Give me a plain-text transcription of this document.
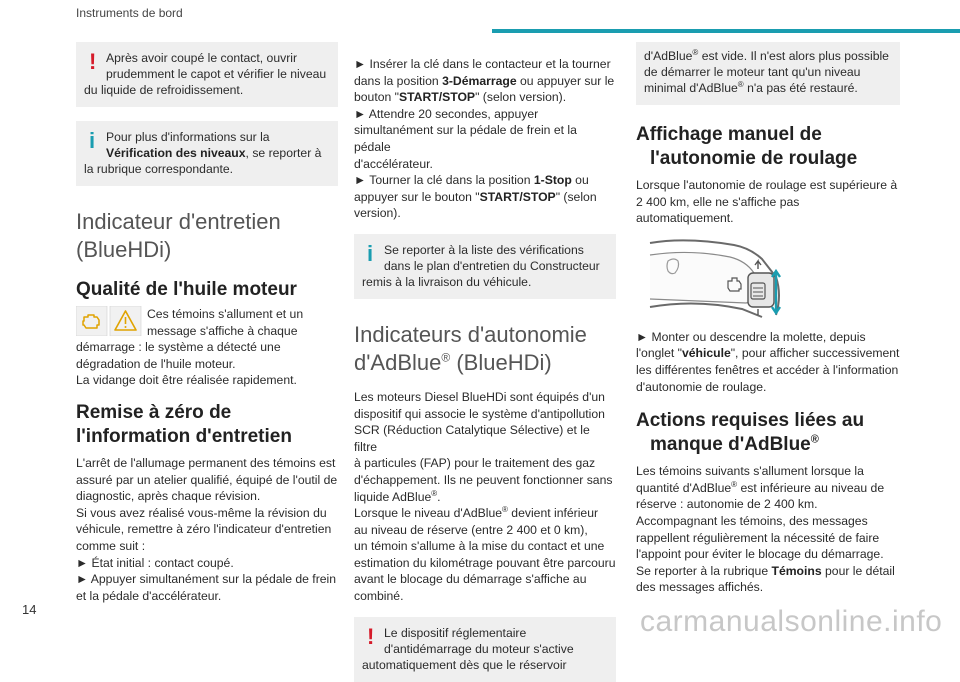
Instruments de bord
! Après avoir coupé le contact, ouvrir
prudemment le capot et vérifier le niveau
du liquide de refroidissement.
i Pour plus d'informations sur la
Vérification des niveaux, se reporter à
la rubrique correspondante.
Indicateur d'entretien
(BlueHDi)
Qualité de l'huile moteur

Ces témoins s'allument et un

message s'affiche à chaque

démarrage : le système a détecté une

dégradation de l'huile moteur.

La vidange doit être réalisée rapidement.

Remise à zéro de
l'information d'entretien

L'arrêt de l'allumage permanent des témoins est

assuré par un atelier qualifié, équipé de l'outil de

diagnostic, après chaque révision.

Si vous avez réalisé vous-même la révision du

véhicule, remettre à zéro l'indicateur d'entretien

comme suit :

► État initial : contact coupé.

► Appuyer simultanément sur la pédale de frein

et la pédale d'accélérateur.

► Insérer la clé dans le contacteur et la tourner

dans la position 3-Démarrage ou appuyer sur le

bouton "START/STOP" (selon version).

► Attendre 20 secondes, appuyer

simultanément sur la pédale de frein et la pédale

d'accélérateur.

► Tourner la clé dans la position 1-Stop ou

appuyer sur le bouton "START/STOP" (selon

version).

i Se reporter à la liste des vérifications
dans le plan d'entretien du Constructeur
remis à la livraison du véhicule.
Indicateurs d'autonomie
d'AdBlue® (BlueHDi)

Les moteurs Diesel BlueHDi sont équipés d'un

dispositif qui associe le système d'antipollution

SCR (Réduction Catalytique Sélective) et le filtre

à particules (FAP) pour le traitement des gaz

d'échappement. Ils ne peuvent fonctionner sans

liquide AdBlue®.

Lorsque le niveau d'AdBlue® devient inférieur

au niveau de réserve (entre 2 400 et 0 km),

un témoin s'allume à la mise du contact et une

estimation du kilométrage pouvant être parcouru

avant le blocage du démarrage s'affiche au

combiné.

! Le dispositif réglementaire
d'antidémarrage du moteur s'active
automatiquement dès que le réservoir
d'AdBlue® est vide. Il n'est alors plus possible
de démarrer le moteur tant qu'un niveau
minimal d'AdBlue® n'a pas été restauré.
Affichage manuel de
l'autonomie de roulage

Lorsque l'autonomie de roulage est supérieure à

2 400 km, elle ne s'affiche pas automatiquement.

► Monter ou descendre la molette, depuis

l'onglet "véhicule", pour afficher successivement

les différentes fenêtres et accéder à l'information

d'autonomie de roulage.

Actions requises liées au
manque d'AdBlue®

Les témoins suivants s'allument lorsque la

quantité d'AdBlue® est inférieure au niveau de

réserve : autonomie de 2 400 km.

Accompagnant les témoins, des messages

rappellent régulièrement la nécessité de faire

l'appoint pour éviter le blocage du démarrage.

Se reporter à la rubrique Témoins pour le détail

des messages affichés.

14	carmanualsonline.info
